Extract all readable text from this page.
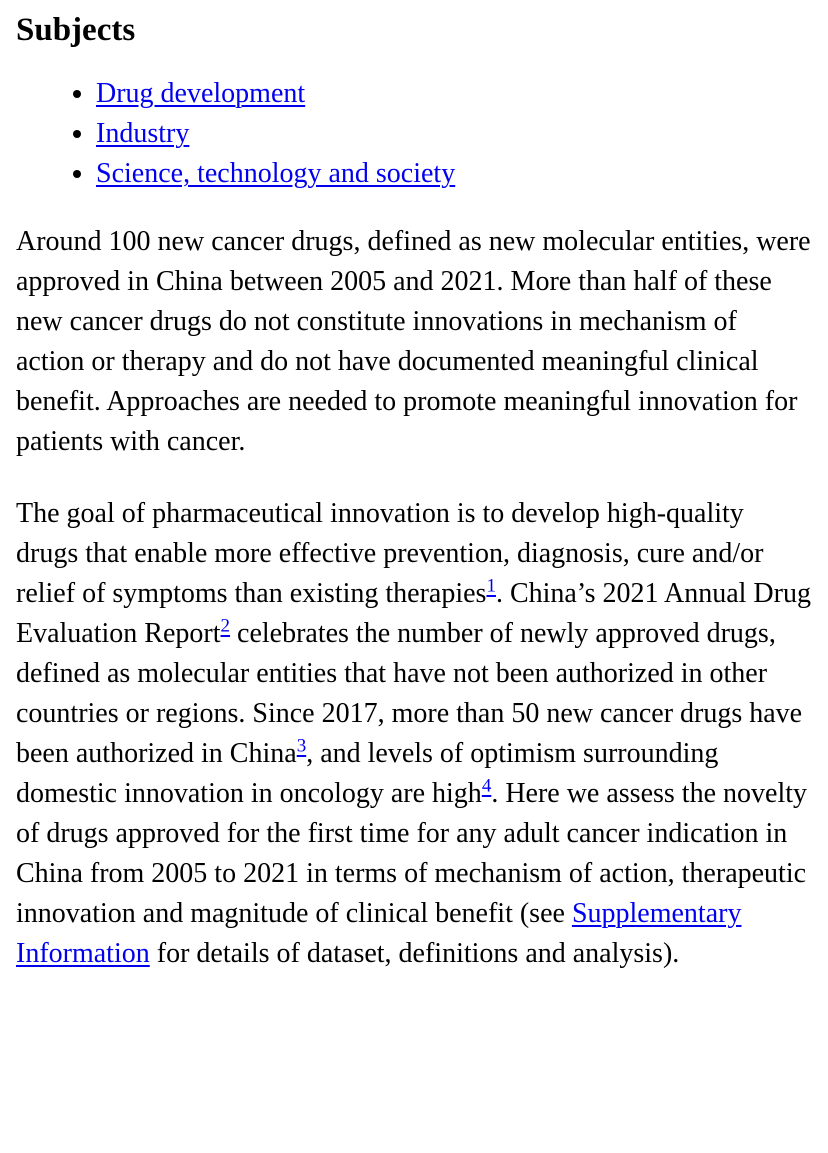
Subjects
• Drug development
• Industry
• Science, technology and society

Around 100 new cancer drugs, defined as new molecular entities, were approved in China between 2005 and 2021. More than half of these new cancer drugs do not constitute innovations in mechanism of action or therapy and do not have documented meaningful clinical benefit. Approaches are needed to promote meaningful innovation for patients with cancer.

The goal of pharmaceutical innovation is to develop high-quality drugs that enable more effective prevention, diagnosis, cure and/or relief of symptoms than existing therapies$^1$. China’s 2021 Annual Drug Evaluation Report$^2$ celebrates the number of newly approved drugs, defined as molecular entities that have not been authorized in other countries or regions. Since 2017, more than 50 new cancer drugs have been authorized in China$^3$, and levels of optimism surrounding domestic innovation in oncology are high$^4$. Here we assess the novelty of drugs approved for the first time for any adult cancer indication in China from 2005 to 2021 in terms of mechanism of action, therapeutic innovation and magnitude of clinical benefit (see Supplementary Information for details of dataset, definitions and analysis).
